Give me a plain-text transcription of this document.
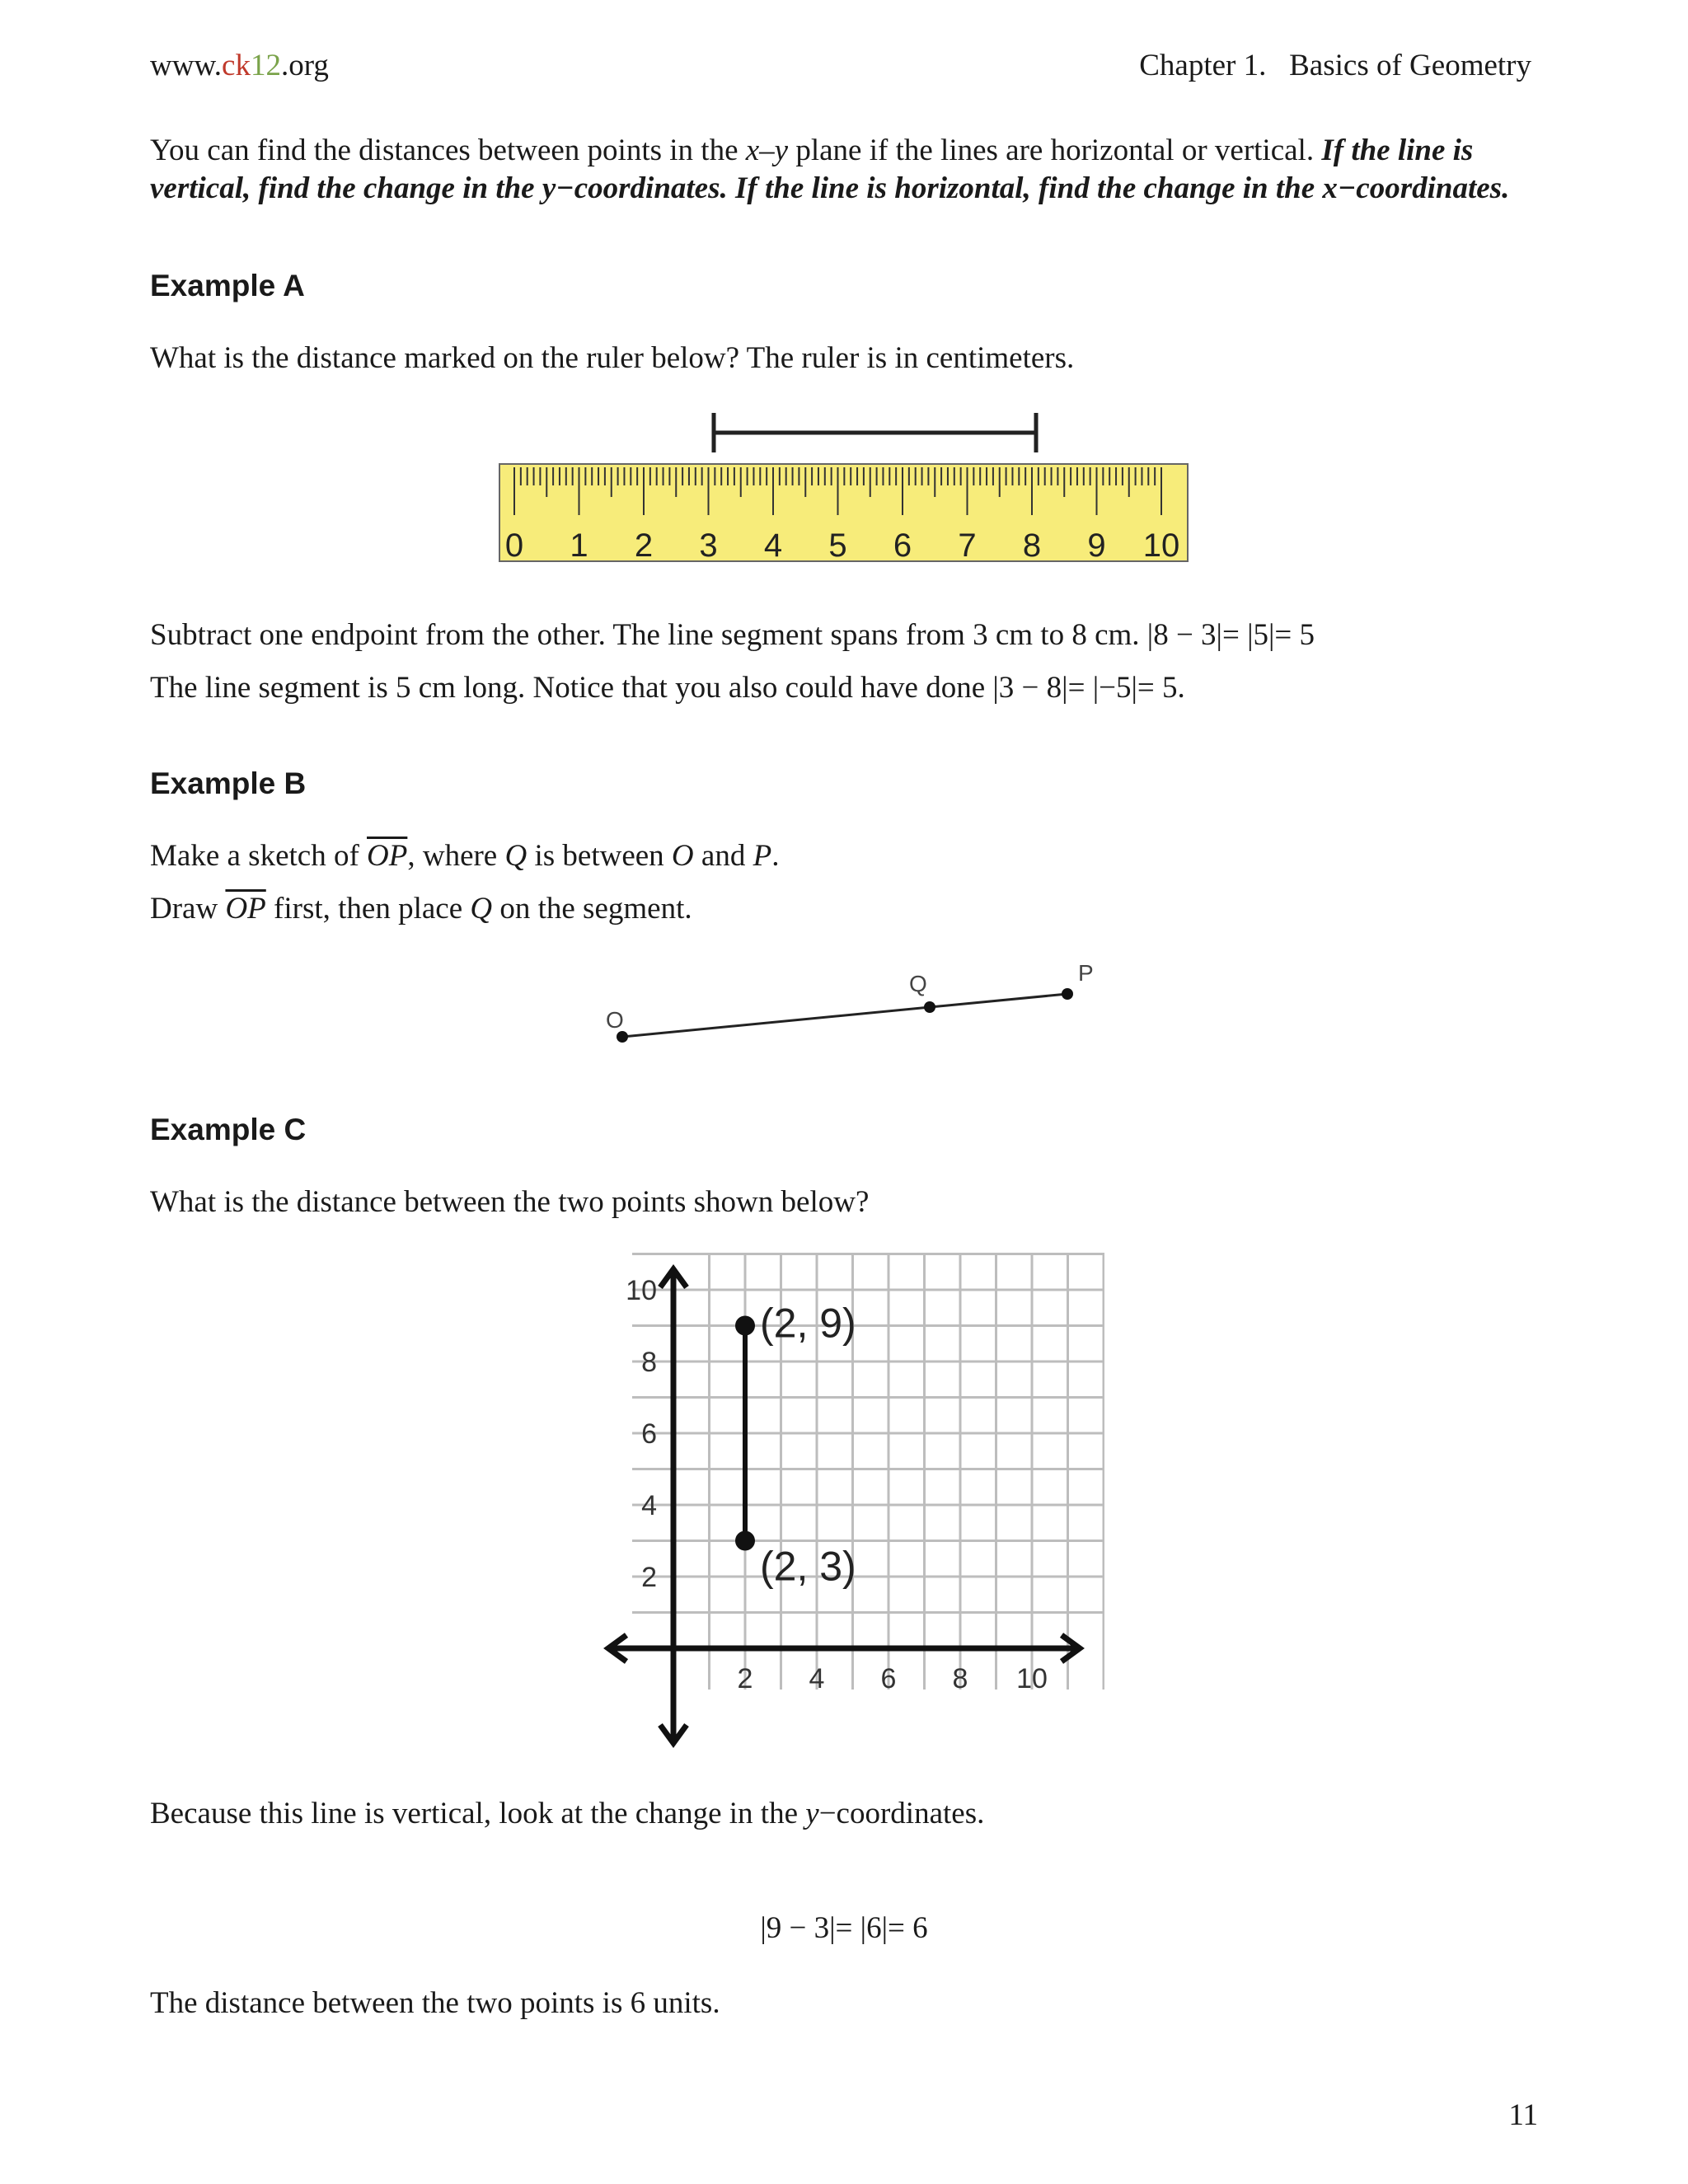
www.ck12.org	Chapter 1. Basics of Geometry
You can find the distances between points in the x–y plane if the lines are horizontal or vertical. If the line is vertical, find the change in the y−coordinates. If the line is horizontal, find the change in the x−coordinates.
Example A
What is the distance marked on the ruler below? The ruler is in centimeters.
0 1 2 3 4 5 6 7 8 9 10
Subtract one endpoint from the other. The line segment spans from 3 cm to 8 cm. |8 − 3|= |5|= 5
The line segment is 5 cm long. Notice that you also could have done |3 − 8|= |−5|= 5.
Example B
Make a sketch of $\overline{OP}$, where Q is between O and P.
Draw $\overline{OP}$ first, then place Q on the segment.
O
Q	P
Example C
What is the distance between the two points shown below?
2 4 6 8 10
2
4
6
8
10
(2, 9)
(2, 3)
Because this line is vertical, look at the change in the y−coordinates.
|9 − 3|= |6|= 6
The distance between the two points is 6 units.
11
